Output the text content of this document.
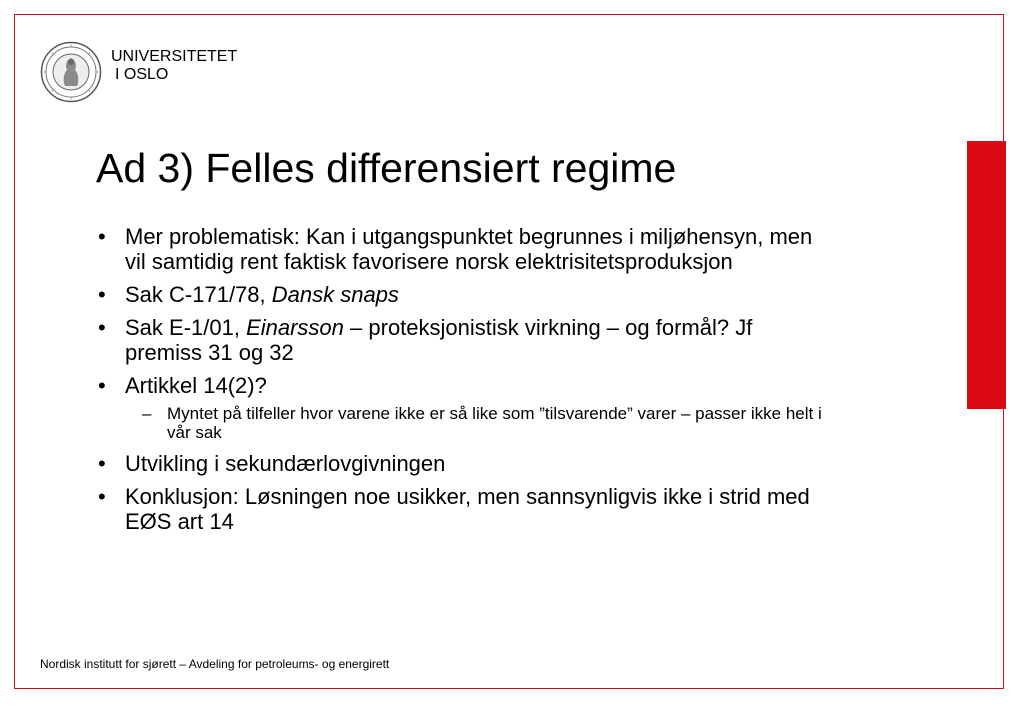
UNIVERSITETET
I OSLO
Ad 3) Felles differensiert regime
• Mer problematisk: Kan i utgangspunktet begrunnes i miljøhensyn, men vil samtidig rent faktisk favorisere norsk elektrisitetsproduksjon
• Sak C-171/78, Dansk snaps
• Sak E-1/01, Einarsson – proteksjonistisk virkning – og formål? Jf premiss 31 og 32
• Artikkel 14(2)?
– Myntet på tilfeller hvor varene ikke er så like som ”tilsvarende” varer – passer ikke helt i vår sak
• Utvikling i sekundærlovgivningen
• Konklusjon: Løsningen noe usikker, men sannsynligvis ikke i strid med EØS art 14
Nordisk institutt for sjørett – Avdeling for petroleums- og energirett
